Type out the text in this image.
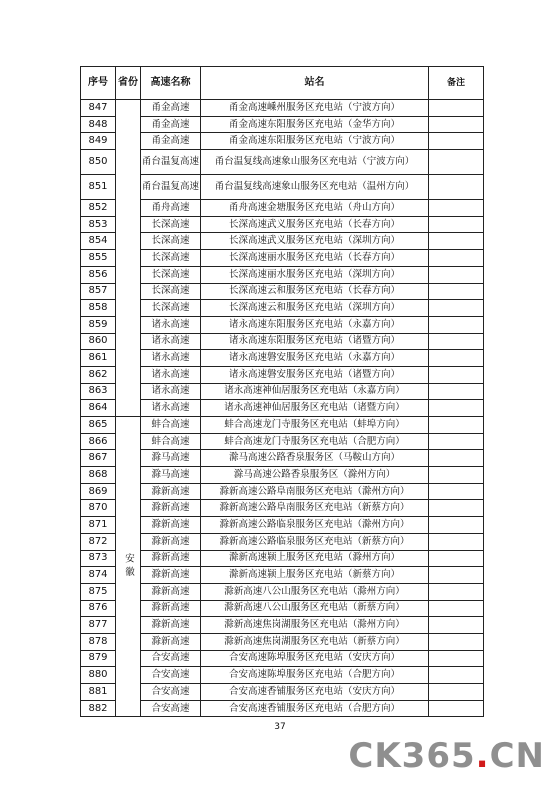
序号	省份	高速名称	站名	备注
847		甬金高速	甬金高速嵊州服务区充电站（宁波方向）	
848		甬金高速	甬金高速东阳服务区充电站（金华方向）	
849		甬金高速	甬金高速东阳服务区充电站（宁波方向）	
850		甬台温复高速	甬台温复线高速象山服务区充电站（宁波方向）	
851		甬台温复高速	甬台温复线高速象山服务区充电站（温州方向）	
852		甬舟高速	甬舟高速金塘服务区充电站（舟山方向）	
853		长深高速	长深高速武义服务区充电站（长春方向）	
854		长深高速	长深高速武义服务区充电站（深圳方向）	
855		长深高速	长深高速丽水服务区充电站（长春方向）	
856		长深高速	长深高速丽水服务区充电站（深圳方向）	
857		长深高速	长深高速云和服务区充电站（长春方向）	
858		长深高速	长深高速云和服务区充电站（深圳方向）	
859		诸永高速	诸永高速东阳服务区充电站（永嘉方向）	
860		诸永高速	诸永高速东阳服务区充电站（诸暨方向）	
861		诸永高速	诸永高速磐安服务区充电站（永嘉方向）	
862		诸永高速	诸永高速磐安服务区充电站（诸暨方向）	
863		诸永高速	诸永高速神仙居服务区充电站（永嘉方向）	
864		诸永高速	诸永高速神仙居服务区充电站（诸暨方向）	
865	安徽	蚌合高速	蚌合高速龙门寺服务区充电站（蚌埠方向）	
866		蚌合高速	蚌合高速龙门寺服务区充电站（合肥方向）	
867		滁马高速	滁马高速公路香泉服务区（马鞍山方向）	
868		滁马高速	滁马高速公路香泉服务区（滁州方向）	
869		滁新高速	滁新高速公路阜南服务区充电站（滁州方向）	
870		滁新高速	滁新高速公路阜南服务区充电站（新蔡方向）	
871		滁新高速	滁新高速公路临泉服务区充电站（滁州方向）	
872		滁新高速	滁新高速公路临泉服务区充电站（新蔡方向）	
873		滁新高速	滁新高速颍上服务区充电站（滁州方向）	
874		滁新高速	滁新高速颍上服务区充电站（新蔡方向）	
875		滁新高速	滁新高速八公山服务区充电站（滁州方向）	
876		滁新高速	滁新高速八公山服务区充电站（新蔡方向）	
877		滁新高速	滁新高速焦岗湖服务区充电站（滁州方向）	
878		滁新高速	滁新高速焦岗湖服务区充电站（新蔡方向）	
879		合安高速	合安高速陈埠服务区充电站（安庆方向）	
880		合安高速	合安高速陈埠服务区充电站（合肥方向）	
881		合安高速	合安高速香铺服务区充电站（安庆方向）	
882		合安高速	合安高速香铺服务区充电站（合肥方向）	
37
CK365.CN
